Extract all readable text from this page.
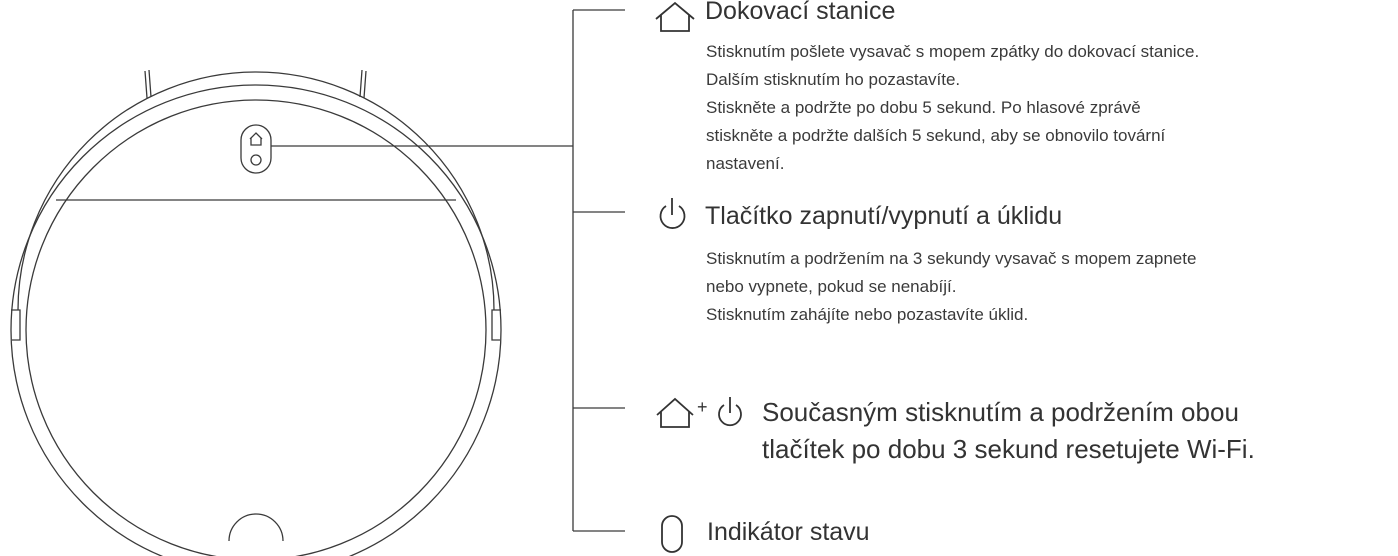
Dokovací stanice
Stisknutím pošlete vysavač s mopem zpátky do dokovací stanice.
Dalším stisknutím ho pozastavíte.
Stiskněte a podržte po dobu 5 sekund. Po hlasové zprávě
stiskněte a podržte dalších 5 sekund, aby se obnovilo tovární
nastavení.
Tlačítko zapnutí/vypnutí a úklidu
Stisknutím a podržením na 3 sekundy vysavač s mopem zapnete
nebo vypnete, pokud se nenabíjí.
Stisknutím zahájíte nebo pozastavíte úklid.
+ Současným stisknutím a podržením obou
tlačítek po dobu 3 sekund resetujete Wi-Fi.
Indikátor stavu
